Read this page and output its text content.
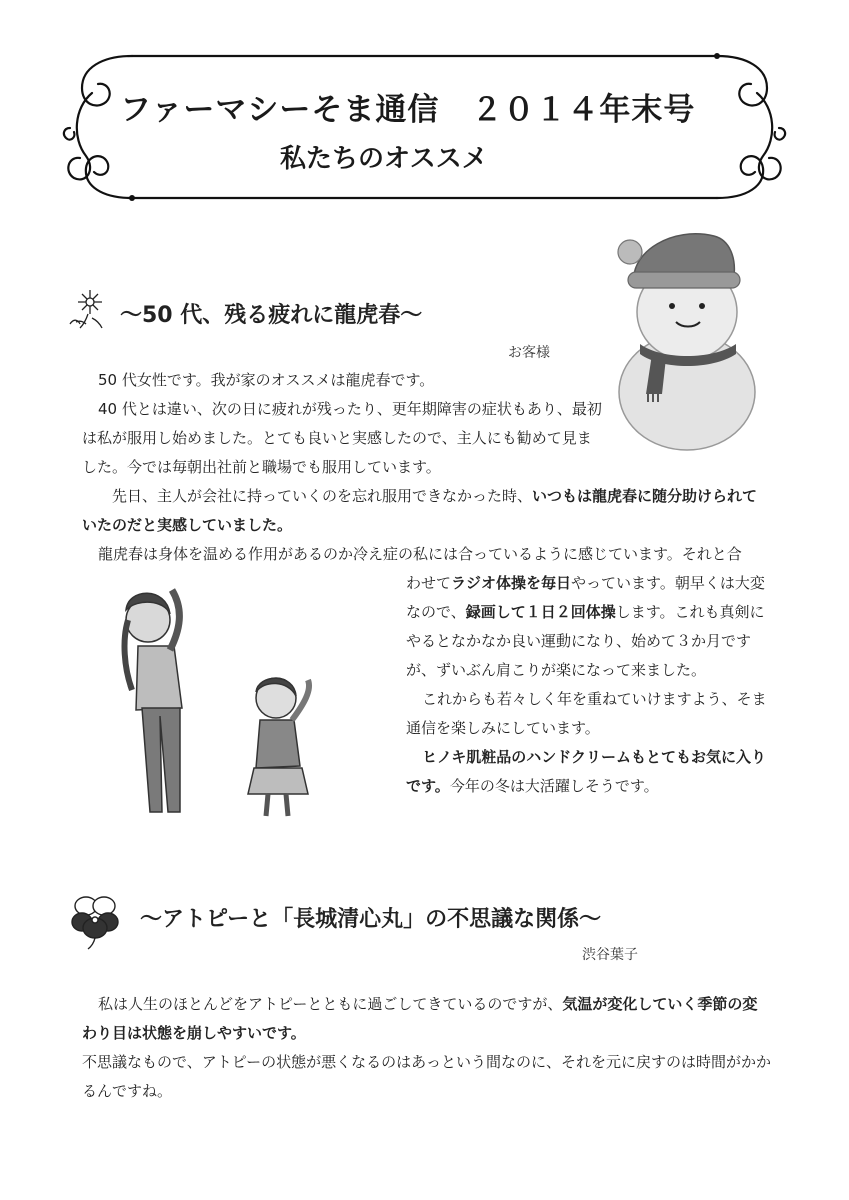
ファーマシーそま通信　２０１４年末号
私たちのオススメ
～50 代、残る疲れに龍虎春～
お客様

50 代女性です。我が家のオススメは龍虎春です。

40 代とは違い、次の日に疲れが残ったり、更年期障害の症状もあり、最初は私が服用し始めました。とても良いと実感したので、主人にも勧めて見ました。今では毎朝出社前と職場でも服用しています。

先日、主人が会社に持っていくのを忘れ服用できなかった時、いつもは龍虎春に随分助けられていたのだと実感していました。

龍虎春は身体を温める作用があるのか冷え症の私には合っているように感じています。それと合

わせてラジオ体操を毎日やっています。朝早くは大変なので、録画して１日２回体操します。これも真剣にやるとなかなか良い運動になり、始めて３か月ですが、ずいぶん肩こりが楽になって来ました。

これからも若々しく年を重ねていけますよう、そま通信を楽しみにしています。

ヒノキ肌粧品のハンドクリームもとてもお気に入りです。今年の冬は大活躍しそうです。

～アトピーと「長城清心丸」の不思議な関係～
渋谷葉子

私は人生のほとんどをアトピーとともに過ごしてきているのですが、気温が変化していく季節の変わり目は状態を崩しやすいです。

不思議なもので、アトピーの状態が悪くなるのはあっという間なのに、それを元に戻すのは時間がかかるんですね。
